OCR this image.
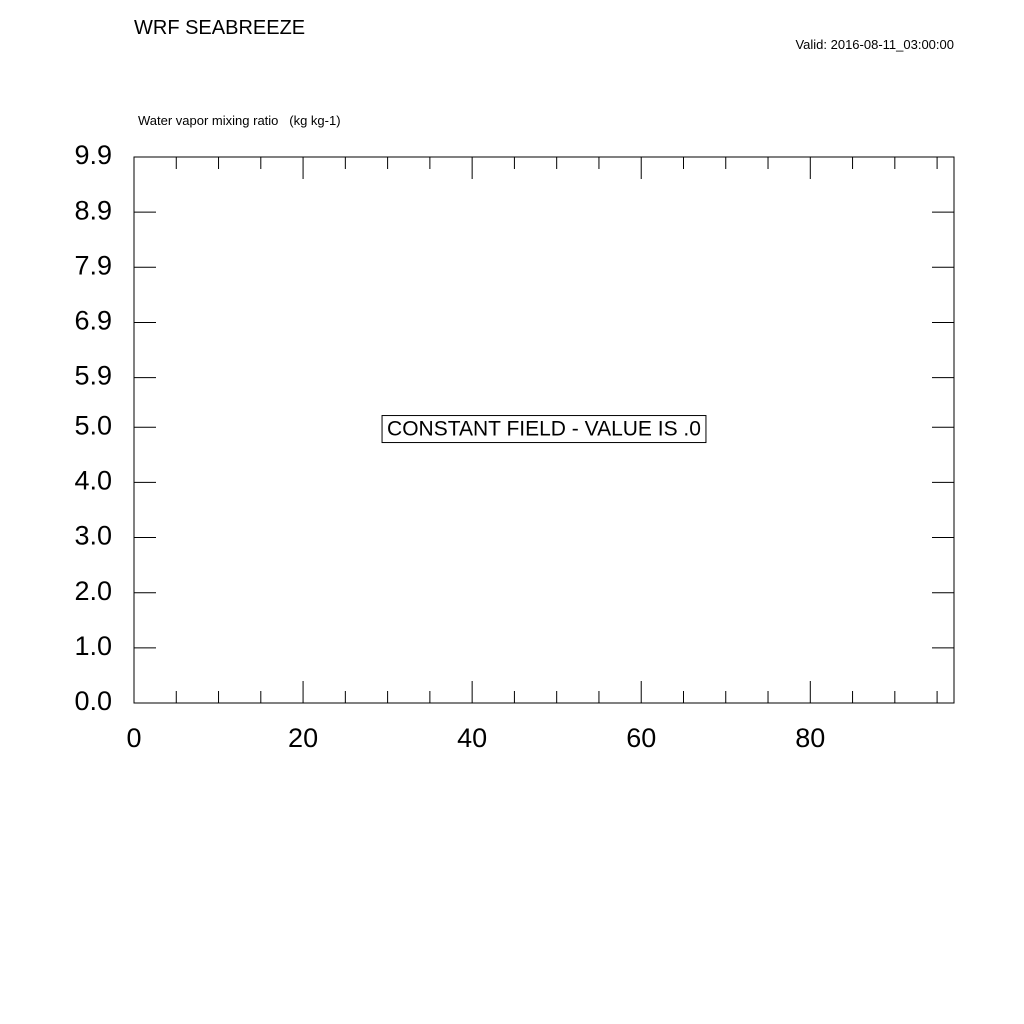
WRF SEABREEZE
Valid: 2016-08-11_03:00:00
Water vapor mixing ratio (kg kg-1)
0	20	40	60	80
0.0
1.0
2.0
3.0
4.0
5.0
5.9
6.9
7.9
8.9
9.9
CONSTANT FIELD - VALUE IS .0
